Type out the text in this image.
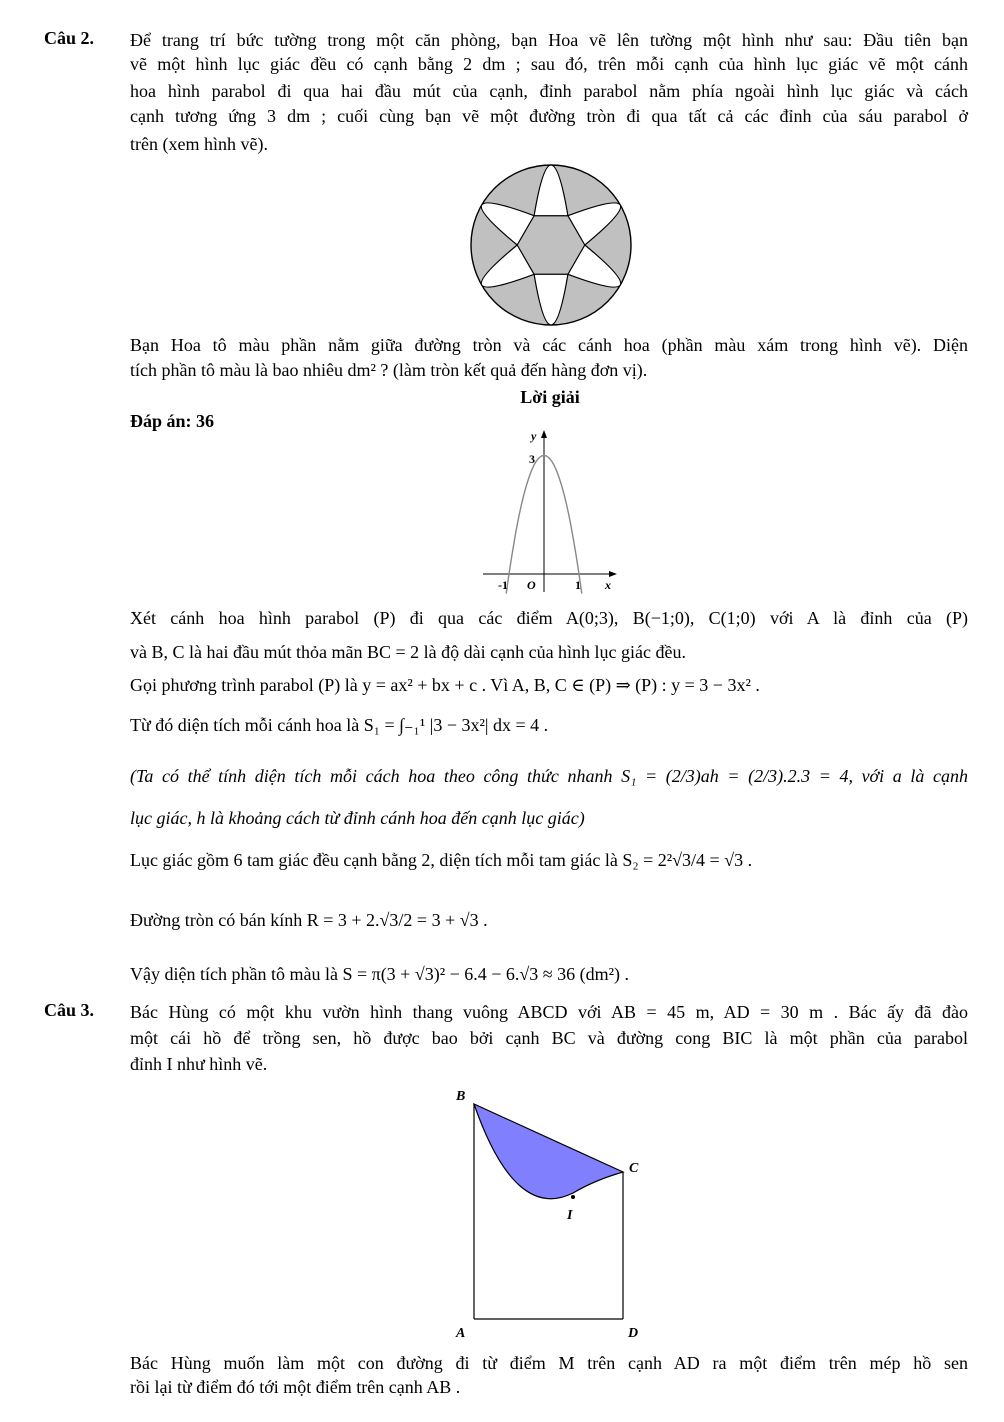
Câu 2. Để trang trí bức tường trong một căn phòng, bạn Hoa vẽ lên tường một hình như sau: Đầu tiên bạn
vẽ một hình lục giác đều có cạnh bằng 2 dm ; sau đó, trên mỗi cạnh của hình lục giác vẽ một cánh
hoa hình parabol đi qua hai đầu mút của cạnh, đỉnh parabol nằm phía ngoài hình lục giác và cách
cạnh tương ứng 3 dm ; cuối cùng bạn vẽ một đường tròn đi qua tất cả các đỉnh của sáu parabol ở
trên (xem hình vẽ).
Bạn Hoa tô màu phần nằm giữa đường tròn và các cánh hoa (phần màu xám trong hình vẽ). Diện
tích phần tô màu là bao nhiêu dm² ? (làm tròn kết quả đến hàng đơn vị).
Lời giải
Đáp án: 36
y
3
-1 O	1 x
Xét cánh hoa hình parabol (P) đi qua các điểm A(0;3), B(−1;0), C(1;0) với A là đỉnh của (P)
và B, C là hai đầu mút thỏa mãn BC = 2 là độ dài cạnh của hình lục giác đều.
Gọi phương trình parabol (P) là y = ax² + bx + c . Vì A, B, C ∈ (P) ⇒ (P) : y = 3 − 3x² .
Từ đó diện tích mỗi cánh hoa là S₁ = ∫₋₁¹ |3 − 3x²| dx = 4 .
(Ta có thể tính diện tích mỗi cách hoa theo công thức nhanh S₁ = (2/3)ah = (2/3).2.3 = 4, với a là cạnh
lục giác, h là khoảng cách từ đỉnh cánh hoa đến cạnh lục giác)
Lục giác gồm 6 tam giác đều cạnh bằng 2, diện tích mỗi tam giác là S₂ = 2²√3/4 = √3 .
Đường tròn có bán kính R = 3 + 2.√3/2 = 3 + √3 .
Vậy diện tích phần tô màu là S = π(3 + √3)² − 6.4 − 6.√3 ≈ 36 (dm²) .
Câu 3. Bác Hùng có một khu vườn hình thang vuông ABCD với AB = 45 m, AD = 30 m . Bác ấy đã đào
một cái hồ để trồng sen, hồ được bao bởi cạnh BC và đường cong BIC là một phần của parabol
đỉnh I như hình vẽ.
B
C
I
A	D
Bác Hùng muốn làm một con đường đi từ điểm M trên cạnh AD ra một điểm trên mép hồ sen
rồi lại từ điểm đó tới một điểm trên cạnh AB .
